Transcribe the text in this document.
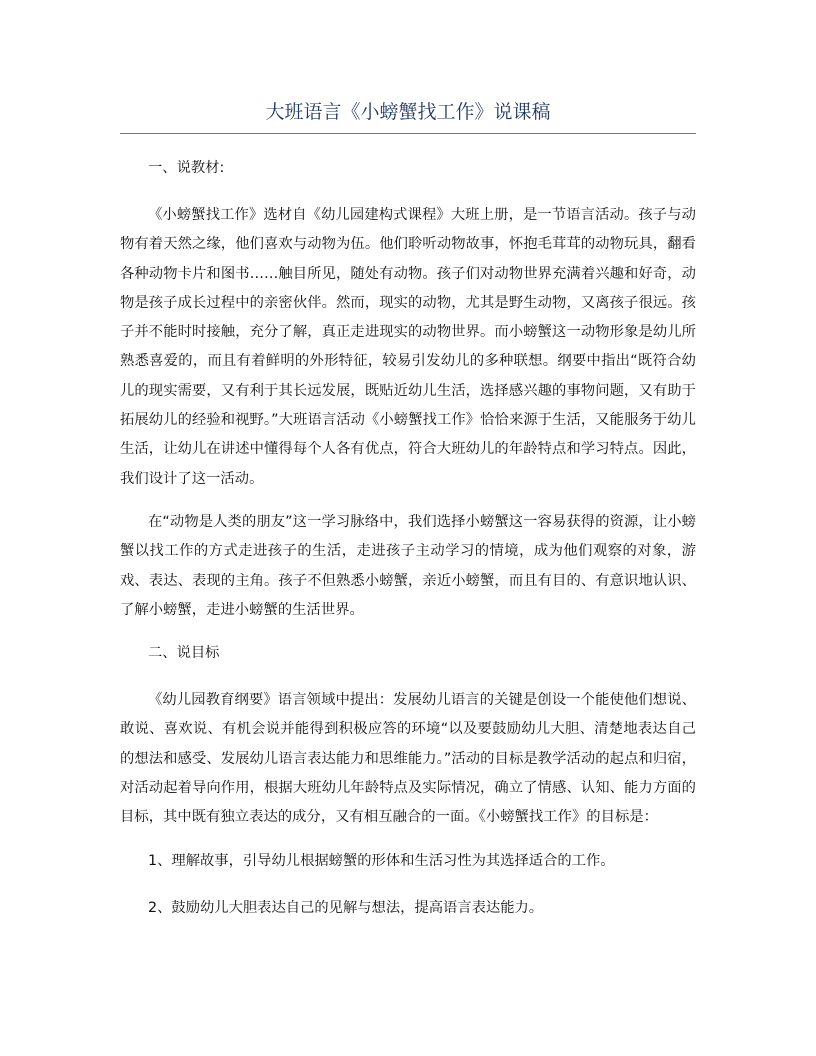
大班语言《小螃蟹找工作》说课稿
一、说教材:

《小螃蟹找工作》选材自《幼儿园建构式课程》大班上册，是一节语言活动。孩子与动物有着天然之缘，他们喜欢与动物为伍。他们聆听动物故事，怀抱毛茸茸的动物玩具，翻看各种动物卡片和图书……触目所见，随处有动物。孩子们对动物世界充满着兴趣和好奇，动物是孩子成长过程中的亲密伙伴。然而，现实的动物，尤其是野生动物，又离孩子很远。孩子并不能时时接触，充分了解，真正走进现实的动物世界。而小螃蟹这一动物形象是幼儿所熟悉喜爱的，而且有着鲜明的外形特征，较易引发幼儿的多种联想。纲要中指出“既符合幼儿的现实需要，又有利于其长远发展，既贴近幼儿生活，选择感兴趣的事物问题，又有助于拓展幼儿的经验和视野。”大班语言活动《小螃蟹找工作》恰恰来源于生活，又能服务于幼儿生活，让幼儿在讲述中懂得每个人各有优点，符合大班幼儿的年龄特点和学习特点。因此，我们设计了这一活动。

在“动物是人类的朋友”这一学习脉络中，我们选择小螃蟹这一容易获得的资源，让小螃蟹以找工作的方式走进孩子的生活，走进孩子主动学习的情境，成为他们观察的对象，游戏、表达、表现的主角。孩子不但熟悉小螃蟹，亲近小螃蟹，而且有目的、有意识地认识、了解小螃蟹，走进小螃蟹的生活世界。

二、说目标

《幼儿园教育纲要》语言领域中提出：发展幼儿语言的关键是创设一个能使他们想说、敢说、喜欢说、有机会说并能得到积极应答的环境“以及要鼓励幼儿大胆、清楚地表达自己的想法和感受、发展幼儿语言表达能力和思维能力。”活动的目标是教学活动的起点和归宿，对活动起着导向作用，根据大班幼儿年龄特点及实际情况，确立了情感、认知、能力方面的目标，其中既有独立表达的成分，又有相互融合的一面。《小螃蟹找工作》的目标是：

1、理解故事，引导幼儿根据螃蟹的形体和生活习性为其选择适合的工作。
2、鼓励幼儿大胆表达自己的见解与想法，提高语言表达能力。
